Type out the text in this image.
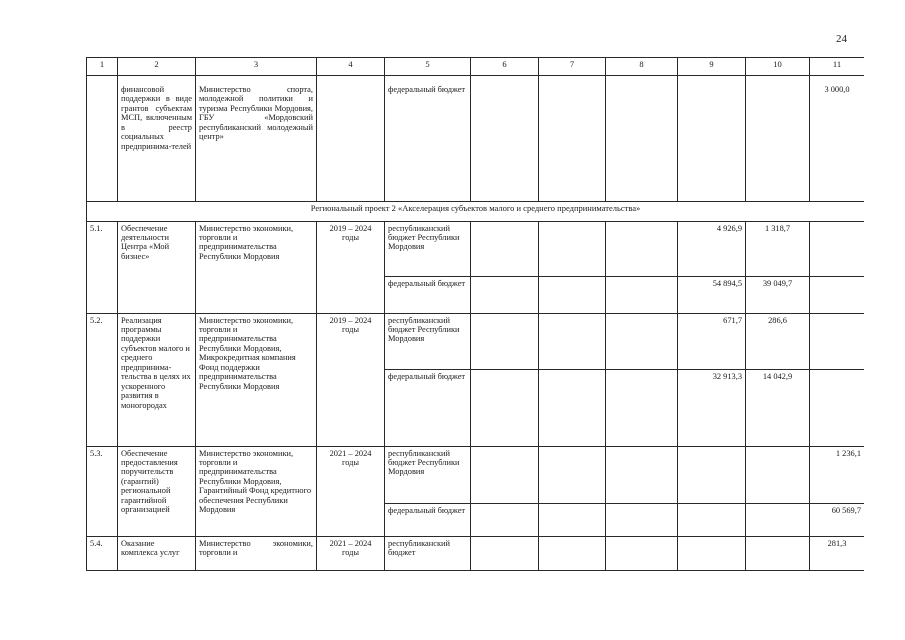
24
1	2	3	4	5	6	7	8	9	10	11

	финансовой поддержки в виде грантов субъектам МСП, включенным в реестр социальных предпринима-телей	Министерство спорта, молодежной политики и туризма Республики Мордовия, ГБУ «Мордовский республиканский молодежный центр»		федеральный бюджет						3 000,0
Региональный проект 2 «Акселерация субъектов малого и среднего предпринимательства»										
5.1.	Обеспечение деятельности Центра «Мой бизнес»	Министерство экономики, торговли и предпринимательства Республики Мордовия	2019 – 2024 годы	республиканский бюджет Республики Мордовия				4 926,9	1 318,7	
				федеральный бюджет				54 894,5	39 049,7	
5.2.	Реализация программы поддержки субъектов малого и среднего предпринима-тельства в целях их ускоренного развития в моногородах	Министерство экономики, торговли и предпринимательства Республики Мордовия, Микрокредитная компания Фонд поддержки предпринимательства Республики Мордовия	2019 – 2024 годы	республиканский бюджет Республики Мордовия				671,7	286,6	
				федеральный бюджет				32 913,3	14 042,9	
5.3.	Обеспечение предоставления поручительств (гарантий) региональной гарантийной организацией	Министерство экономики, торговли и предпринимательства Республики Мордовия, Гарантийный Фонд кредитного обеспечения Республики Мордовия	2021 – 2024 годы	республиканский бюджет Республики Мордовия						1 236,1
				федеральный бюджет						60 569,7
5.4.	Оказание комплекса услуг	Министерство экономики, торговли и	2021 – 2024 годы	республиканский бюджет						281,3
